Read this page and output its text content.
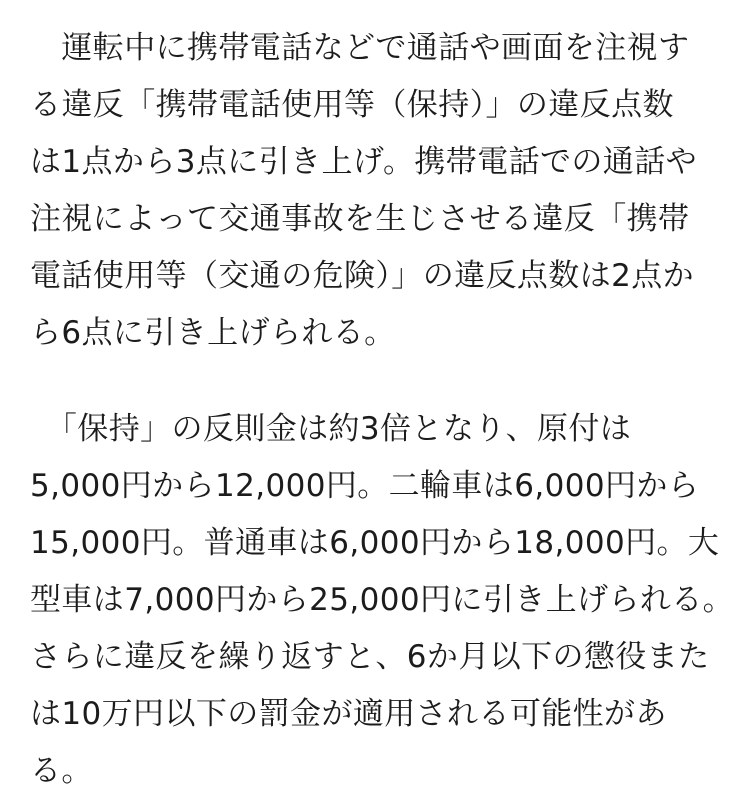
　運転中に携帯電話などで通話や画面を注視す
る違反「携帯電話使用等（保持）」の違反点数
は1点から3点に引き上げ。携帯電話での通話や
注視によって交通事故を生じさせる違反「携帯
電話使用等（交通の危険）」の違反点数は2点か
ら6点に引き上げられる。
　「保持」の反則金は約3倍となり、原付は
5,000円から12,000円。二輪車は6,000円から
15,000円。普通車は6,000円から18,000円。大
型車は7,000円から25,000円に引き上げられる。
さらに違反を繰り返すと、6か月以下の懲役また
は10万円以下の罰金が適用される可能性があ
る。
